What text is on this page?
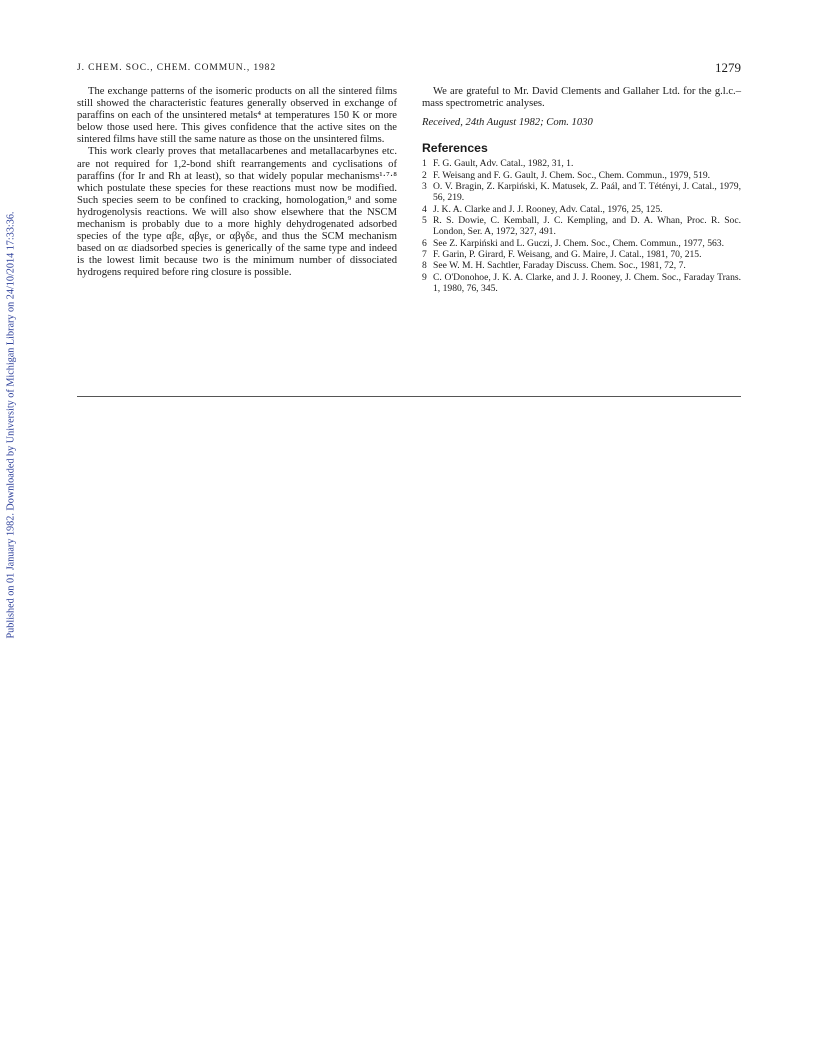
J. CHEM. SOC., CHEM. COMMUN., 1982	1279
Published on 01 January 1982. Downloaded by University of Michigan Library on 24/10/2014 17:33:36.

The exchange patterns of the isomeric products on all the sintered films still showed the characteristic features generally observed in exchange of paraffins on each of the unsintered metals⁴ at temperatures 150 K or more below those used here. This gives confidence that the active sites on the sintered films have still the same nature as those on the unsintered films.

This work clearly proves that metallacarbenes and metallacarbynes etc. are not required for 1,2-bond shift rearrangements and cyclisations of paraffins (for Ir and Rh at least), so that widely popular mechanisms¹·⁷·⁸ which postulate these species for these reactions must now be modified. Such species seem to be confined to cracking, homologation,⁹ and some hydrogenolysis reactions. We will also show elsewhere that the NSCM mechanism is probably due to a more highly dehydrogenated adsorbed species of the type αβε, αβγε, or αβγδε, and thus the SCM mechanism based on αε diadsorbed species is generically of the same type and indeed is the lowest limit because two is the minimum number of dissociated hydrogens required before ring closure is possible.

We are grateful to Mr. David Clements and Gallaher Ltd. for the g.l.c.–mass spectrometric analyses.

Received, 24th August 1982; Com. 1030

References
1 F. G. Gault, Adv. Catal., 1982, 31, 1.
2 F. Weisang and F. G. Gault, J. Chem. Soc., Chem. Commun., 1979, 519.
3 O. V. Bragin, Z. Karpiński, K. Matusek, Z. Paál, and T. Tétényi, J. Catal., 1979, 56, 219.
4 J. K. A. Clarke and J. J. Rooney, Adv. Catal., 1976, 25, 125.
5 R. S. Dowie, C. Kemball, J. C. Kempling, and D. A. Whan, Proc. R. Soc. London, Ser. A, 1972, 327, 491.
6 See Z. Karpiński and L. Guczi, J. Chem. Soc., Chem. Commun., 1977, 563.
7 F. Garin, P. Girard, F. Weisang, and G. Maire, J. Catal., 1981, 70, 215.
8 See W. M. H. Sachtler, Faraday Discuss. Chem. Soc., 1981, 72, 7.
9 C. O'Donohoe, J. K. A. Clarke, and J. J. Rooney, J. Chem. Soc., Faraday Trans. 1, 1980, 76, 345.
